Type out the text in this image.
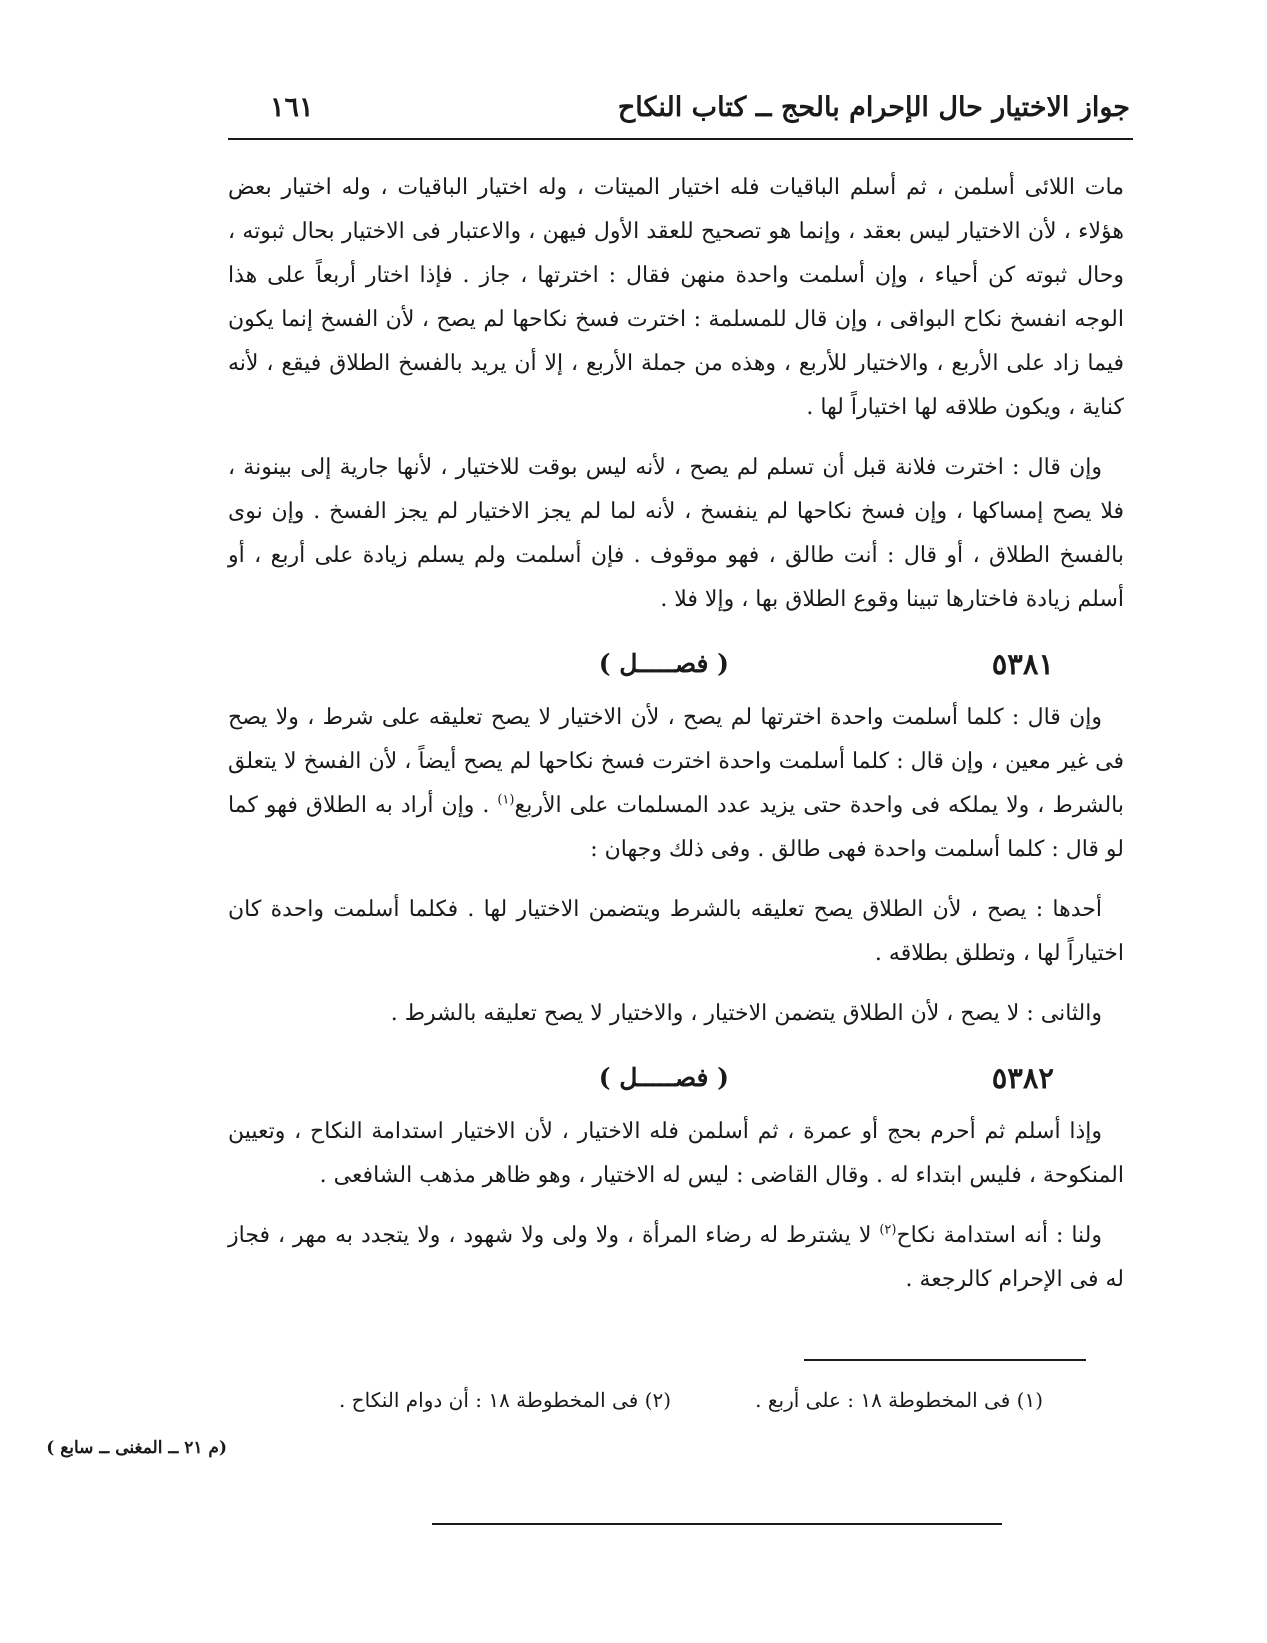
جواز الاختيار حال الإحرام بالحج ــ كتاب النكاح
١٦١

مات اللائى أسلمن ، ثم أسلم الباقيات فله اختيار الميتات ، وله اختيار الباقيات ، وله اختيار بعض هؤلاء ، لأن الاختيار ليس بعقد ، وإنما هو تصحيح للعقد الأول فيهن ، والاعتبار فى الاختيار بحال ثبوته ، وحال ثبوته كن أحياء ، وإن أسلمت واحدة منهن فقال : اخترتها ، جاز . فإذا اختار أربعاً على هذا الوجه انفسخ نكاح البواقى ، وإن قال للمسلمة : اخترت فسخ نكاحها لم يصح ، لأن الفسخ إنما يكون فيما زاد على الأربع ، والاختيار للأربع ، وهذه من جملة الأربع ، إلا أن يريد بالفسخ الطلاق فيقع ، لأنه كناية ، ويكون طلاقه لها اختياراً لها .

وإن قال : اخترت فلانة قبل أن تسلم لم يصح ، لأنه ليس بوقت للاختيار ، لأنها جارية إلى بينونة ، فلا يصح إمساكها ، وإن فسخ نكاحها لم ينفسخ ، لأنه لما لم يجز الاختيار لم يجز الفسخ . وإن نوى بالفسخ الطلاق ، أو قال : أنت طالق ، فهو موقوف . فإن أسلمت ولم يسلم زيادة على أربع ، أو أسلم زيادة فاختارها تبينا وقوع الطلاق بها ، وإلا فلا .

٥٣٨١
( فصـــــل )

وإن قال : كلما أسلمت واحدة اخترتها لم يصح ، لأن الاختيار لا يصح تعليقه على شرط ، ولا يصح فى غير معين ، وإن قال : كلما أسلمت واحدة اخترت فسخ نكاحها لم يصح أيضاً ، لأن الفسخ لا يتعلق بالشرط ، ولا يملكه فى واحدة حتى يزيد عدد المسلمات على الأربع$^{(١)}$ . وإن أراد به الطلاق فهو كما لو قال : كلما أسلمت واحدة فهى طالق . وفى ذلك وجهان :

أحدها : يصح ، لأن الطلاق يصح تعليقه بالشرط ويتضمن الاختيار لها . فكلما أسلمت واحدة كان اختياراً لها ، وتطلق بطلاقه .

والثانى : لا يصح ، لأن الطلاق يتضمن الاختيار ، والاختيار لا يصح تعليقه بالشرط .

٥٣٨٢
( فصـــــل )

وإذا أسلم ثم أحرم بحج أو عمرة ، ثم أسلمن فله الاختيار ، لأن الاختيار استدامة النكاح ، وتعيين المنكوحة ، فليس ابتداء له . وقال القاضى : ليس له الاختيار ، وهو ظاهر مذهب الشافعى .

ولنا : أنه استدامة نكاح$^{(٢)}$ لا يشترط له رضاء المرأة ، ولا ولى ولا شهود ، ولا يتجدد به مهر ، فجاز له فى الإحرام كالرجعة .

(١) فى المخطوطة ١٨ : على أربع .
(٢) فى المخطوطة ١٨ : أن دوام النكاح .
(م ٢١ ــ المغنى ــ سابع )
